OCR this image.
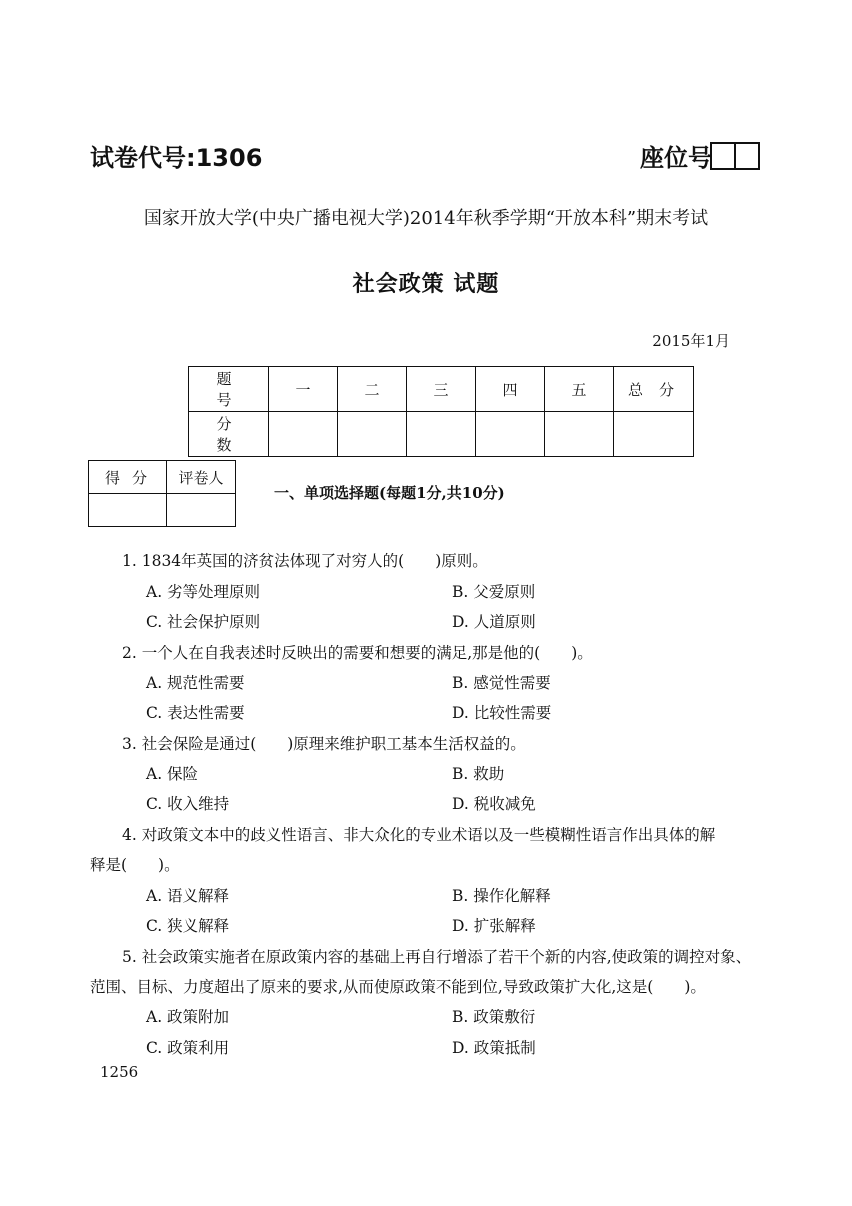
试卷代号:1306	座位号
国家开放大学(中央广播电视大学)2014年秋季学期“开放本科”期末考试
社会政策 试题
2015年1月
题号	一	二	三	四	五	总分
分数						
得分	评卷人

一、单项选择题(每题1分,共10分)
1. 1834年英国的济贫法体现了对穷人的(　　)原则。
A. 劣等处理原则	B. 父爱原则
C. 社会保护原则	D. 人道原则
2. 一个人在自我表述时反映出的需要和想要的满足,那是他的(　　)。
A. 规范性需要	B. 感觉性需要
C. 表达性需要	D. 比较性需要
3. 社会保险是通过(　　)原理来维护职工基本生活权益的。
A. 保险	B. 救助
C. 收入维持	D. 税收减免
4. 对政策文本中的歧义性语言、非大众化的专业术语以及一些模糊性语言作出具体的解
释是(　　)。
A. 语义解释	B. 操作化解释
C. 狭义解释	D. 扩张解释
5. 社会政策实施者在原政策内容的基础上再自行增添了若干个新的内容,使政策的调控对象、
范围、目标、力度超出了原来的要求,从而使原政策不能到位,导致政策扩大化,这是(　　)。
A. 政策附加	B. 政策敷衍
C. 政策利用	D. 政策抵制
1256
